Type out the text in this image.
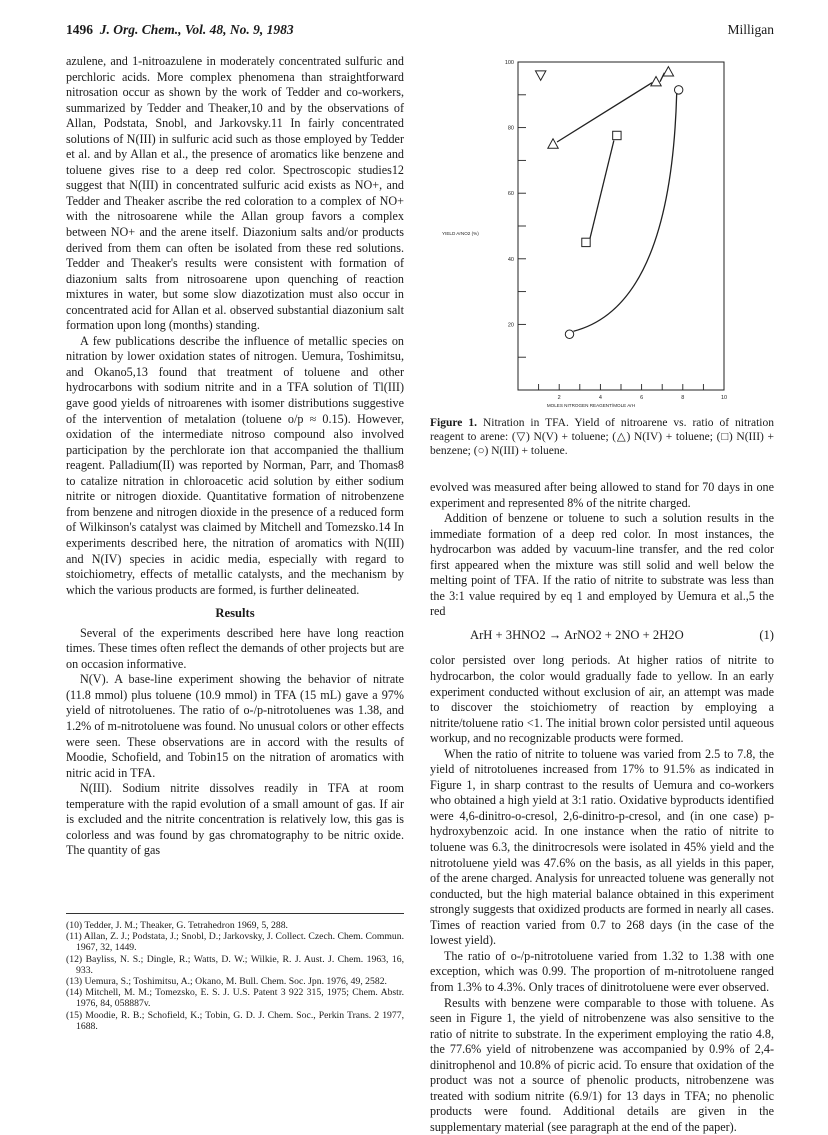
1496 J. Org. Chem., Vol. 48, No. 9, 1983	Milligan

azulene, and 1-nitroazulene in moderately concentrated sulfuric and perchloric acids. More complex phenomena than straightforward nitrosation occur as shown by the work of Tedder and co-workers, summarized by Tedder and Theaker,10 and by the observations of Allan, Podstata, Snobl, and Jarkovsky.11 In fairly concentrated solutions of N(III) in sulfuric acid such as those employed by Tedder et al. and by Allan et al., the presence of aromatics like benzene and toluene gives rise to a deep red color. Spectroscopic studies12 suggest that N(III) in concentrated sulfuric acid exists as NO+, and Tedder and Theaker ascribe the red coloration to a complex of NO+ with the nitrosoarene while the Allan group favors a complex between NO+ and the arene itself. Diazonium salts and/or products derived from them can often be isolated from these red solutions. Tedder and Theaker's results were consistent with formation of diazonium salts from nitrosoarene upon quenching of reaction mixtures in water, but some slow diazotization must also occur in concentrated acid for Allan et al. observed substantial diazonium salt formation upon long (months) standing.

A few publications describe the influence of metallic species on nitration by lower oxidation states of nitrogen. Uemura, Toshimitsu, and Okano5,13 found that treatment of toluene and other hydrocarbons with sodium nitrite and in a TFA solution of Tl(III) gave good yields of nitroarenes with isomer distributions suggestive of the intervention of metalation (toluene o/p ≈ 0.15). However, oxidation of the intermediate nitroso compound also involved participation by the perchlorate ion that accompanied the thallium reagent. Palladium(II) was reported by Norman, Parr, and Thomas8 to catalize nitration in chloroacetic acid solution by either sodium nitrite or nitrogen dioxide. Quantitative formation of nitrobenzene from benzene and nitrogen dioxide in the presence of a reduced form of Wilkinson's catalyst was claimed by Mitchell and Tomezsko.14 In experiments described here, the nitration of aromatics with N(III) and N(IV) species in acidic media, especially with regard to stoichiometry, effects of metallic catalysts, and the mechanism by which the various products are formed, is further delineated.

Results

Several of the experiments described here have long reaction times. These times often reflect the demands of other projects but are on occasion informative.

N(V). A base-line experiment showing the behavior of nitrate (11.8 mmol) plus toluene (10.9 mmol) in TFA (15 mL) gave a 97% yield of nitrotoluenes. The ratio of o-/p-nitrotoluenes was 1.38, and 1.2% of m-nitrotoluene was found. No unusual colors or other effects were seen. These observations are in accord with the results of Moodie, Schofield, and Tobin15 on the nitration of aromatics with nitric acid in TFA.

N(III). Sodium nitrite dissolves readily in TFA at room temperature with the rapid evolution of a small amount of gas. If air is excluded and the nitrite concentration is relatively low, this gas is colorless and was found by gas chromatography to be nitric oxide. The quantity of gas

(10) Tedder, J. M.; Theaker, G. Tetrahedron 1969, 5, 288.

(11) Allan, Z. J.; Podstata, J.; Snobl, D.; Jarkovsky, J. Collect. Czech. Chem. Commun. 1967, 32, 1449.

(12) Bayliss, N. S.; Dingle, R.; Watts, D. W.; Wilkie, R. J. Aust. J. Chem. 1963, 16, 933.

(13) Uemura, S.; Toshimitsu, A.; Okano, M. Bull. Chem. Soc. Jpn. 1976, 49, 2582.

(14) Mitchell, M. M.; Tomezsko, E. S. J. U.S. Patent 3 922 315, 1975; Chem. Abstr. 1976, 84, 058887v.

(15) Moodie, R. B.; Schofield, K.; Tobin, G. D. J. Chem. Soc., Perkin Trans. 2 1977, 1688.

2	4	6	8	10
20
40
60
80
100
YIELD ArNO2 (%)
MOLES NITROGEN REAGENT/MOLE ArH
Figure 1. Nitration in TFA. Yield of nitroarene vs. ratio of nitration reagent to arene: (▽) N(V) + toluene; (△) N(IV) + toluene; (□) N(III) + benzene; (○) N(III) + toluene.

evolved was measured after being allowed to stand for 70 days in one experiment and represented 8% of the nitrite charged.

Addition of benzene or toluene to such a solution results in the immediate formation of a deep red color. In most instances, the hydrocarbon was added by vacuum-line transfer, and the red color first appeared when the mixture was still solid and well below the melting point of TFA. If the ratio of nitrite to substrate was less than the 3:1 value required by eq 1 and employed by Uemura et al.,5 the red

ArH + 3HNO2 → ArNO2 + 2NO + 2H2O	(1)

color persisted over long periods. At higher ratios of nitrite to hydrocarbon, the color would gradually fade to yellow. In an early experiment conducted without exclusion of air, an attempt was made to discover the stoichiometry of reaction by employing a nitrite/toluene ratio <1. The initial brown color persisted until aqueous workup, and no recognizable products were formed.

When the ratio of nitrite to toluene was varied from 2.5 to 7.8, the yield of nitrotoluenes increased from 17% to 91.5% as indicated in Figure 1, in sharp contrast to the results of Uemura and co-workers who obtained a high yield at 3:1 ratio. Oxidative byproducts identified were 4,6-dinitro-o-cresol, 2,6-dinitro-p-cresol, and (in one case) p-hydroxybenzoic acid. In one instance when the ratio of nitrite to toluene was 6.3, the dinitrocresols were isolated in 45% yield and the nitrotoluene yield was 47.6% on the basis, as all yields in this paper, of the arene charged. Analysis for unreacted toluene was generally not conducted, but the high material balance obtained in this experiment strongly suggests that oxidized products are formed in nearly all cases. Times of reaction varied from 0.7 to 268 days (in the case of the lowest yield).

The ratio of o-/p-nitrotoluene varied from 1.32 to 1.38 with one exception, which was 0.99. The proportion of m-nitrotoluene ranged from 1.3% to 4.3%. Only traces of dinitrotoluene were ever observed.

Results with benzene were comparable to those with toluene. As seen in Figure 1, the yield of nitrobenzene was also sensitive to the ratio of nitrite to substrate. In the experiment employing the ratio 4.8, the 77.6% yield of nitrobenzene was accompanied by 0.9% of 2,4-dinitrophenol and 10.8% of picric acid. To ensure that oxidation of the product was not a source of phenolic products, nitrobenzene was treated with sodium nitrite (6.9/1) for 13 days in TFA; no phenolic products were found. Additional details are given in the supplementary material (see paragraph at the end of the paper).
